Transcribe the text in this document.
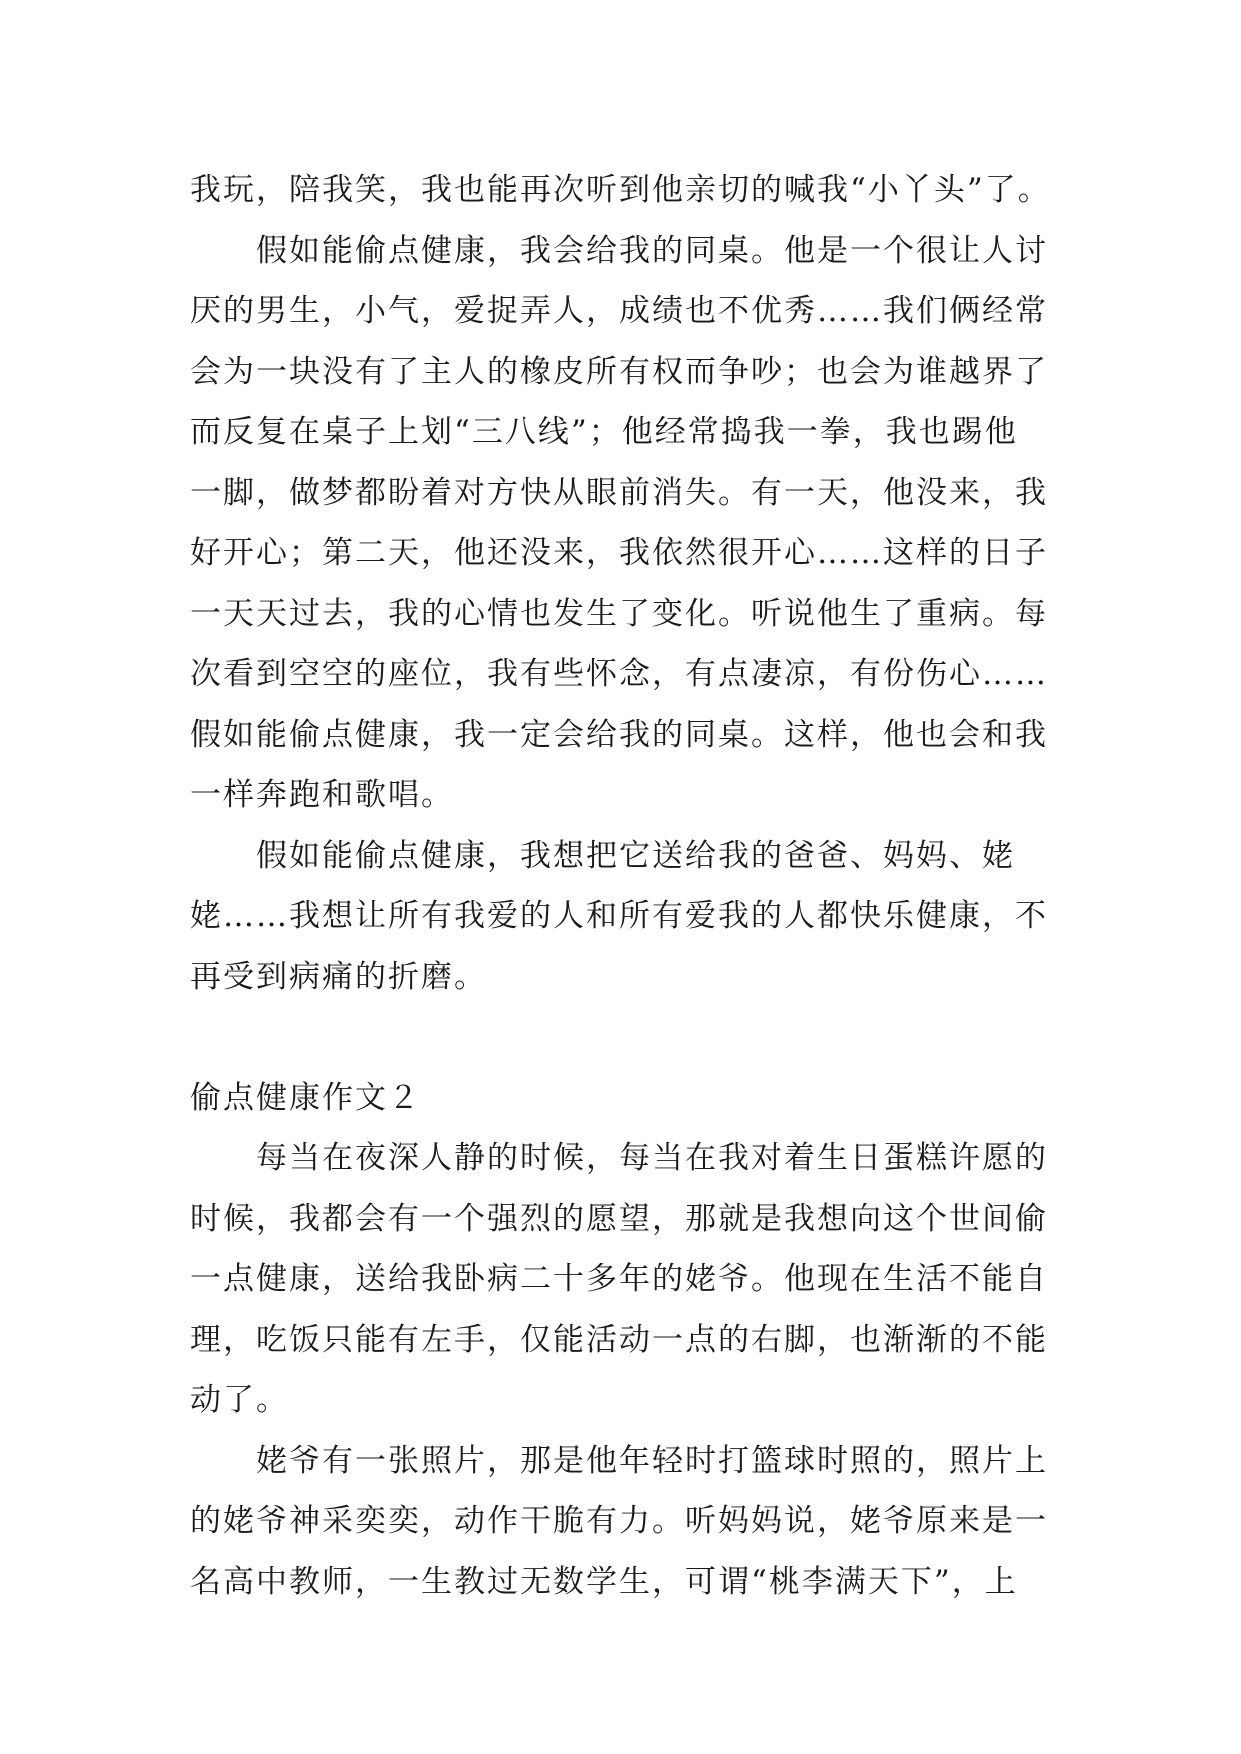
我玩，陪我笑，我也能再次听到他亲切的喊我“小丫头”了。
假如能偷点健康，我会给我的同桌。他是一个很让人讨
厌的男生，小气，爱捉弄人，成绩也不优秀……我们俩经常
会为一块没有了主人的橡皮所有权而争吵；也会为谁越界了
而反复在桌子上划“三八线”；他经常捣我一拳，我也踢他
一脚，做梦都盼着对方快从眼前消失。有一天，他没来，我
好开心；第二天，他还没来，我依然很开心……这样的日子
一天天过去，我的心情也发生了变化。听说他生了重病。每
次看到空空的座位，我有些怀念，有点凄凉，有份伤心……
假如能偷点健康，我一定会给我的同桌。这样，他也会和我
一样奔跑和歌唱。
假如能偷点健康，我想把它送给我的爸爸、妈妈、姥
姥……我想让所有我爱的人和所有爱我的人都快乐健康，不
再受到病痛的折磨。
偷点健康作文２
每当在夜深人静的时候，每当在我对着生日蛋糕许愿的
时候，我都会有一个强烈的愿望，那就是我想向这个世间偷
一点健康，送给我卧病二十多年的姥爷。他现在生活不能自
理，吃饭只能有左手，仅能活动一点的右脚，也渐渐的不能
动了。
姥爷有一张照片，那是他年轻时打篮球时照的，照片上
的姥爷神采奕奕，动作干脆有力。听妈妈说，姥爷原来是一
名高中教师，一生教过无数学生，可谓“桃李满天下”，上
